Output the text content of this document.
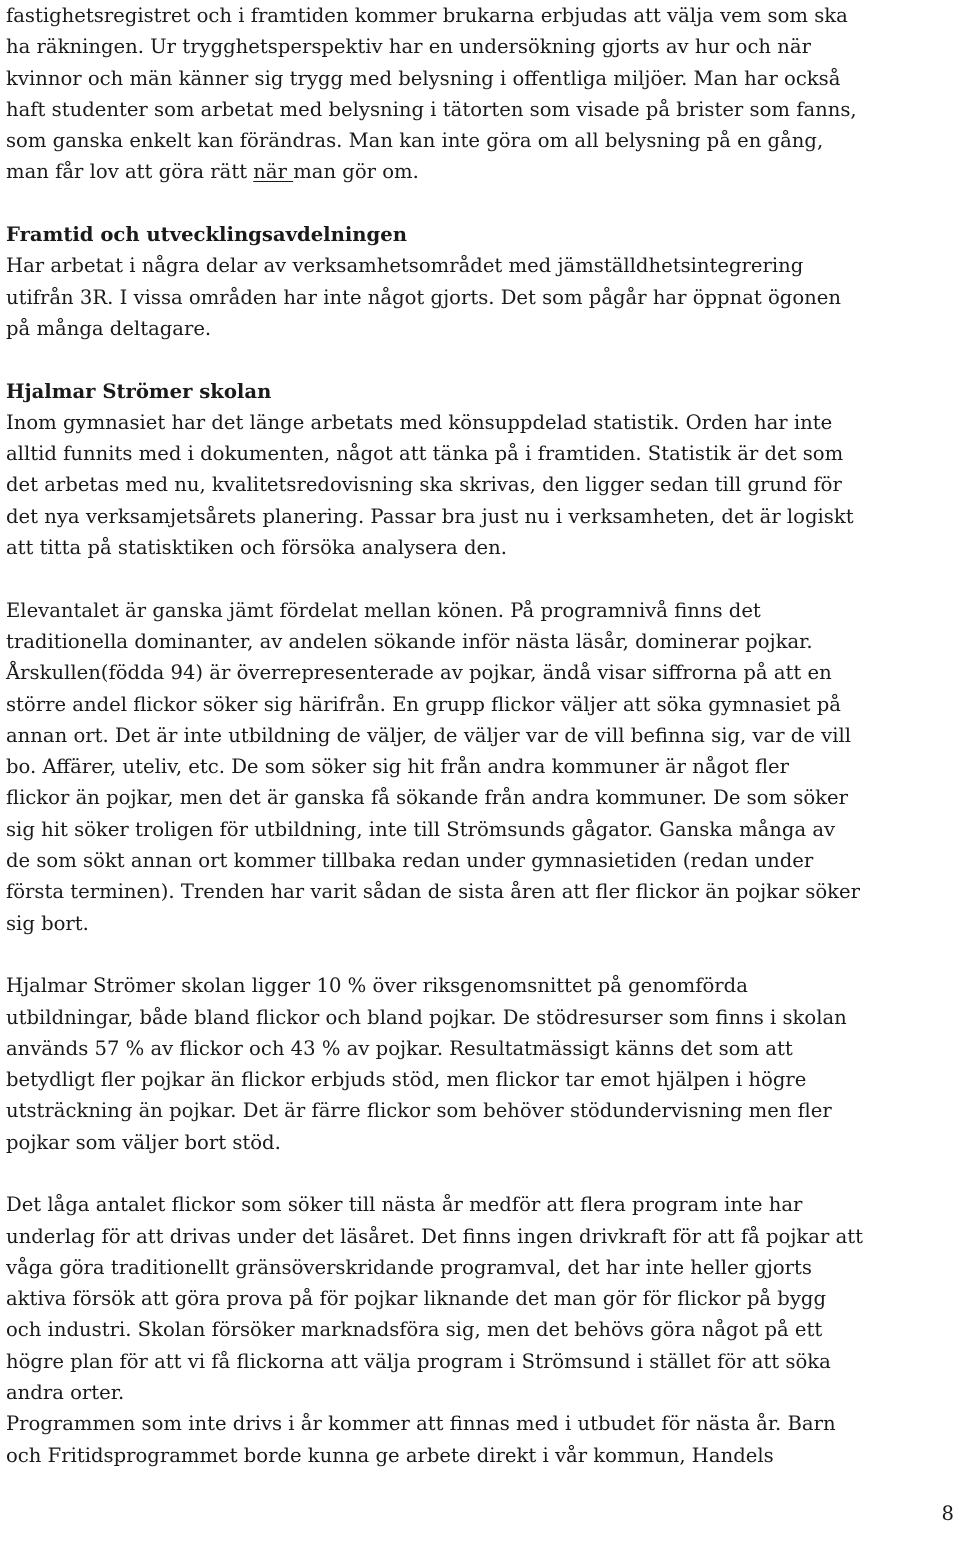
fastighetsregistret och i framtiden kommer brukarna erbjudas att välja vem som ska
ha räkningen. Ur trygghetsperspektiv har en undersökning gjorts av hur och när
kvinnor och män känner sig trygg med belysning i offentliga miljöer. Man har också
haft studenter som arbetat med belysning i tätorten som visade på brister som fanns,
som ganska enkelt kan förändras. Man kan inte göra om all belysning på en gång,
man får lov att göra rätt när man gör om.

Framtid och utvecklingsavdelningen
Har arbetat i några delar av verksamhetsområdet med jämställdhetsintegrering
utifrån 3R. I vissa områden har inte något gjorts. Det som pågår har öppnat ögonen
på många deltagare.

Hjalmar Strömer skolan
Inom gymnasiet har det länge arbetats med könsuppdelad statistik. Orden har inte
alltid funnits med i dokumenten, något att tänka på i framtiden. Statistik är det som
det arbetas med nu, kvalitetsredovisning ska skrivas, den ligger sedan till grund för
det nya verksamjetsårets planering. Passar bra just nu i verksamheten, det är logiskt
att titta på statisktiken och försöka analysera den.

Elevantalet är ganska jämt fördelat mellan könen. På programnivå finns det
traditionella dominanter, av andelen sökande inför nästa läsår, dominerar pojkar.
Årskullen(födda 94) är överrepresenterade av pojkar, ändå visar siffrorna på att en
större andel flickor söker sig härifrån. En grupp flickor väljer att söka gymnasiet på
annan ort. Det är inte utbildning de väljer, de väljer var de vill befinna sig, var de vill
bo. Affärer, uteliv, etc. De som söker sig hit från andra kommuner är något fler
flickor än pojkar, men det är ganska få sökande från andra kommuner. De som söker
sig hit söker troligen för utbildning, inte till Strömsunds gågator. Ganska många av
de som sökt annan ort kommer tillbaka redan under gymnasietiden (redan under
första terminen). Trenden har varit sådan de sista åren att fler flickor än pojkar söker
sig bort.

Hjalmar Strömer skolan ligger 10 % över riksgenomsnittet på genomförda
utbildningar, både bland flickor och bland pojkar. De stödresurser som finns i skolan
används 57 % av flickor och 43 % av pojkar. Resultatmässigt känns det som att
betydligt fler pojkar än flickor erbjuds stöd, men flickor tar emot hjälpen i högre
utsträckning än pojkar. Det är färre flickor som behöver stödundervisning men fler
pojkar som väljer bort stöd.

Det låga antalet flickor som söker till nästa år medför att flera program inte har
underlag för att drivas under det läsåret. Det finns ingen drivkraft för att få pojkar att
våga göra traditionellt gränsöverskridande programval, det har inte heller gjorts
aktiva försök att göra prova på för pojkar liknande det man gör för flickor på bygg
och industri. Skolan försöker marknadsföra sig, men det behövs göra något på ett
högre plan för att vi få flickorna att välja program i Strömsund i stället för att söka
andra orter.

Programmen som inte drivs i år kommer att finnas med i utbudet för nästa år. Barn
och Fritidsprogrammet borde kunna ge arbete direkt i vår kommun, Handels

8
